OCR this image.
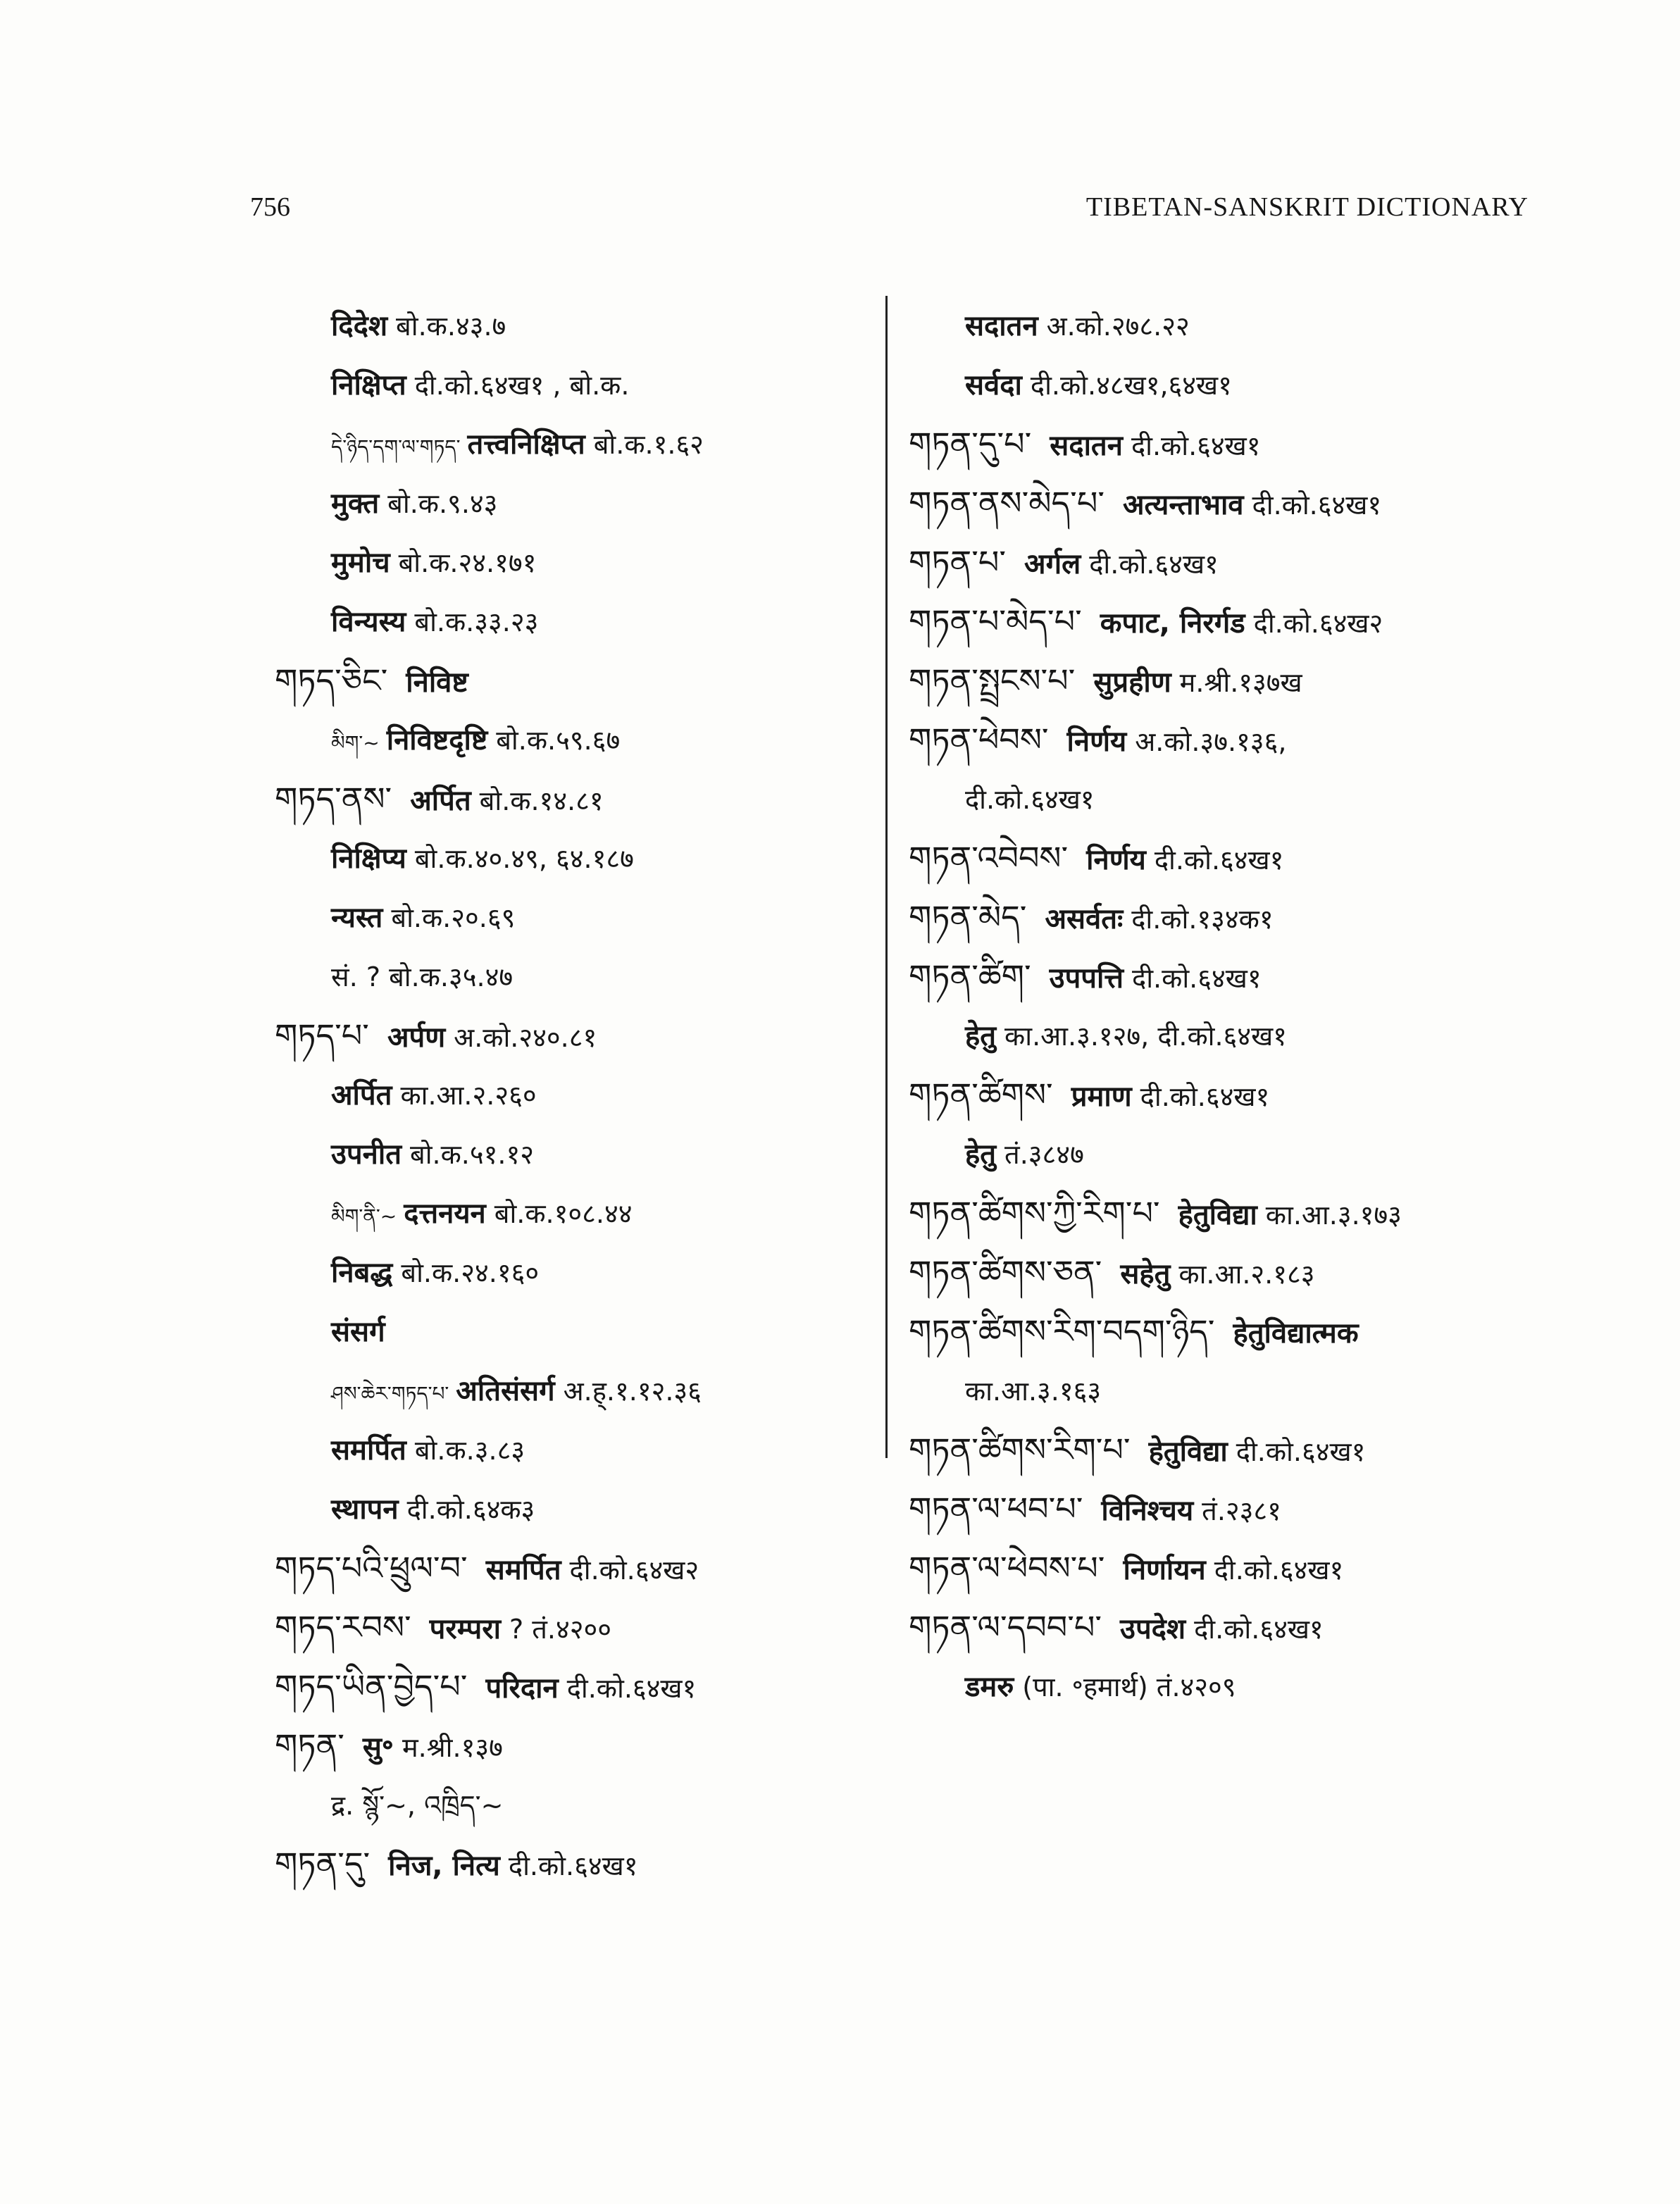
756	TIBETAN-SANSKRIT DICTIONARY
दिदेश बो.क.४३.७
निक्षिप्त दी.को.६४ख१ , बो.क.
དེ་ཉིད་དག་ལ་གཏད་ तत्त्वनिक्षिप्त बो.क.१.६२
मुक्त बो.क.९.४३
मुमोच बो.क.२४.१७१
विन्यस्य बो.क.३३.२३
གཏད་ཅིང་ निविष्ट
མིག་~ निविष्टदृष्टि बो.क.५९.६७
གཏད་ནས་ अर्पित बो.क.१४.८१
निक्षिप्य बो.क.४०.४९, ६४.१८७
न्यस्त बो.क.२०.६९
सं. ? बो.क.३५.४७
གཏད་པ་ अर्पण अ.को.२४०.८१
अर्पित का.आ.२.२६०
उपनीत बो.क.५१.१२
མིག་ནི་~ दत्तनयन बो.क.१०८.४४
निबद्ध बो.क.२४.१६०
संसर्ग
ཤས་ཆེར་གཏད་པ་ अतिसंसर्ग अ.ह्.१.१२.३६
समर्पित बो.क.३.८३
स्थापन दी.को.६४क३
གཏད་པའི་ཕྲུལ་བ་ समर्पित दी.को.६४ख२
གཏད་རབས་ परम्परा ? तं.४२००
གཏད་ཡིན་བྱེད་པ་ परिदान दी.को.६४ख१
གཏན་ सु॰ म.श्री.१३७
द्र. སྙོ་~, འཁྲིད་~
གཏན་དུ་ निज, नित्य दी.को.६४ख१
सदातन अ.को.२७८.२२
सर्वदा दी.को.४८ख१,६४ख१
གཏན་དུ་པ་ सदातन दी.को.६४ख१
གཏན་ནས་མེད་པ་ अत्यन्ताभाव दी.को.६४ख१
གཏན་པ་ अर्गल दी.को.६४ख१
གཏན་པ་མེད་པ་ कपाट, निरर्गड दी.को.६४ख२
གཏན་སྤྲངས་པ་ सुप्रहीण म.श्री.१३७ख
གཏན་ཕེབས་ निर्णय अ.को.३७.१३६,
दी.को.६४ख१
གཏན་འབེབས་ निर्णय दी.को.६४ख१
གཏན་མེད་ असर्वतः दी.को.१३४क१
གཏན་ཚིག་ उपपत्ति दी.को.६४ख१
हेतु का.आ.३.१२७, दी.को.६४ख१
གཏན་ཚིགས་ प्रमाण दी.को.६४ख१
हेतु तं.३८४७
གཏན་ཚིགས་ཀྱི་རིག་པ་ हेतुविद्या का.आ.३.१७३
གཏན་ཚིགས་ཅན་ सहेतु का.आ.२.१८३
གཏན་ཚིགས་རིག་བདག་ཉིད་ हेतुविद्यात्मक
का.आ.३.१६३
གཏན་ཚིགས་རིག་པ་ हेतुविद्या दी.को.६४ख१
གཏན་ལ་ཕབ་པ་ विनिश्चय तं.२३८१
གཏན་ལ་ཕེབས་པ་ निर्णायन दी.को.६४ख१
གཏན་ལ་དབབ་པ་ उपदेश दी.को.६४ख१
डमरु (पा. ॰हमार्थ) तं.४२०९
